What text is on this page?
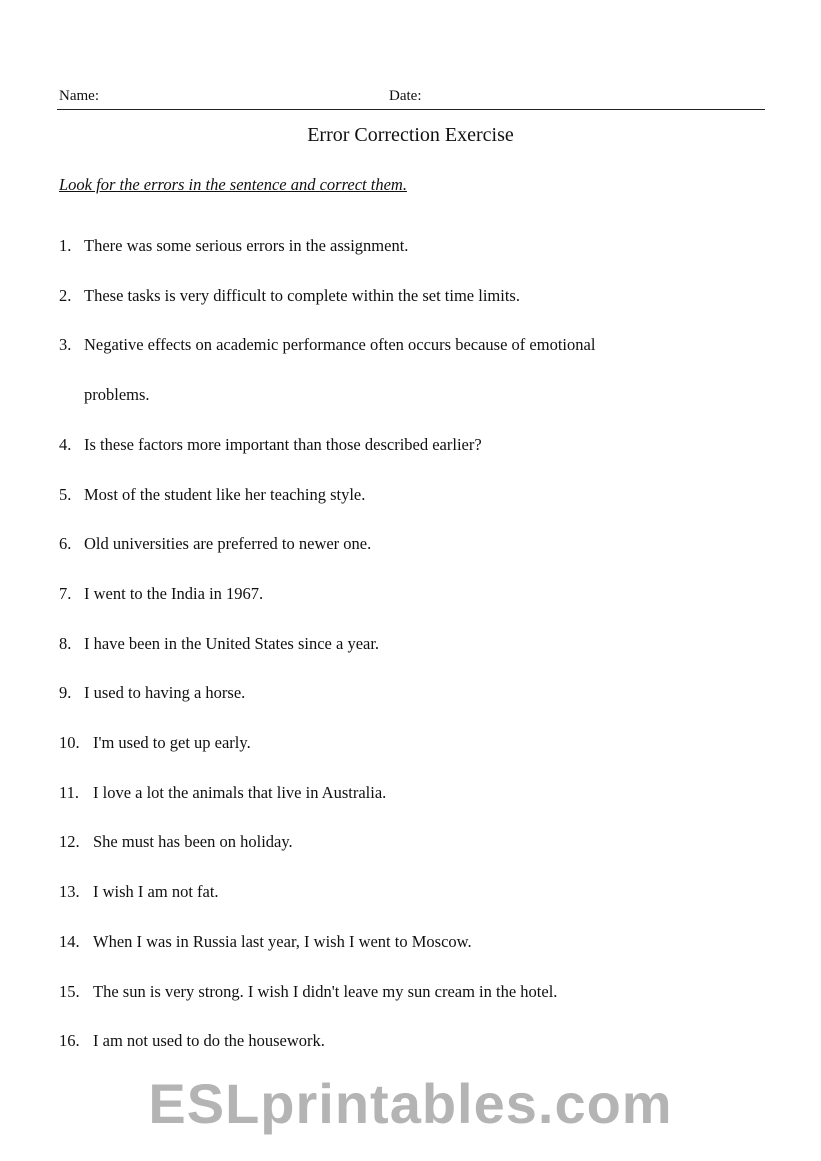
Name:	Date:
Error Correction Exercise
Look for the errors in the sentence and correct them.
1. There was some serious errors in the assignment.
2. These tasks is very difficult to complete within the set time limits.
3. Negative effects on academic performance often occurs because of emotional
problems.
4. Is these factors more important than those described earlier?
5. Most of the student like her teaching style.
6. Old universities are preferred to newer one.
7. I went to the India in 1967.
8. I have been in the United States since a year.
9. I used to having a horse.
10. I'm used to get up early.
11. I love a lot the animals that live in Australia.
12. She must has been on holiday.
13. I wish I am not fat.
14. When I was in Russia last year, I wish I went to Moscow.
15. The sun is very strong. I wish I didn't leave my sun cream in the hotel.
16. I am not used to do the housework.
ESLprintables.com
